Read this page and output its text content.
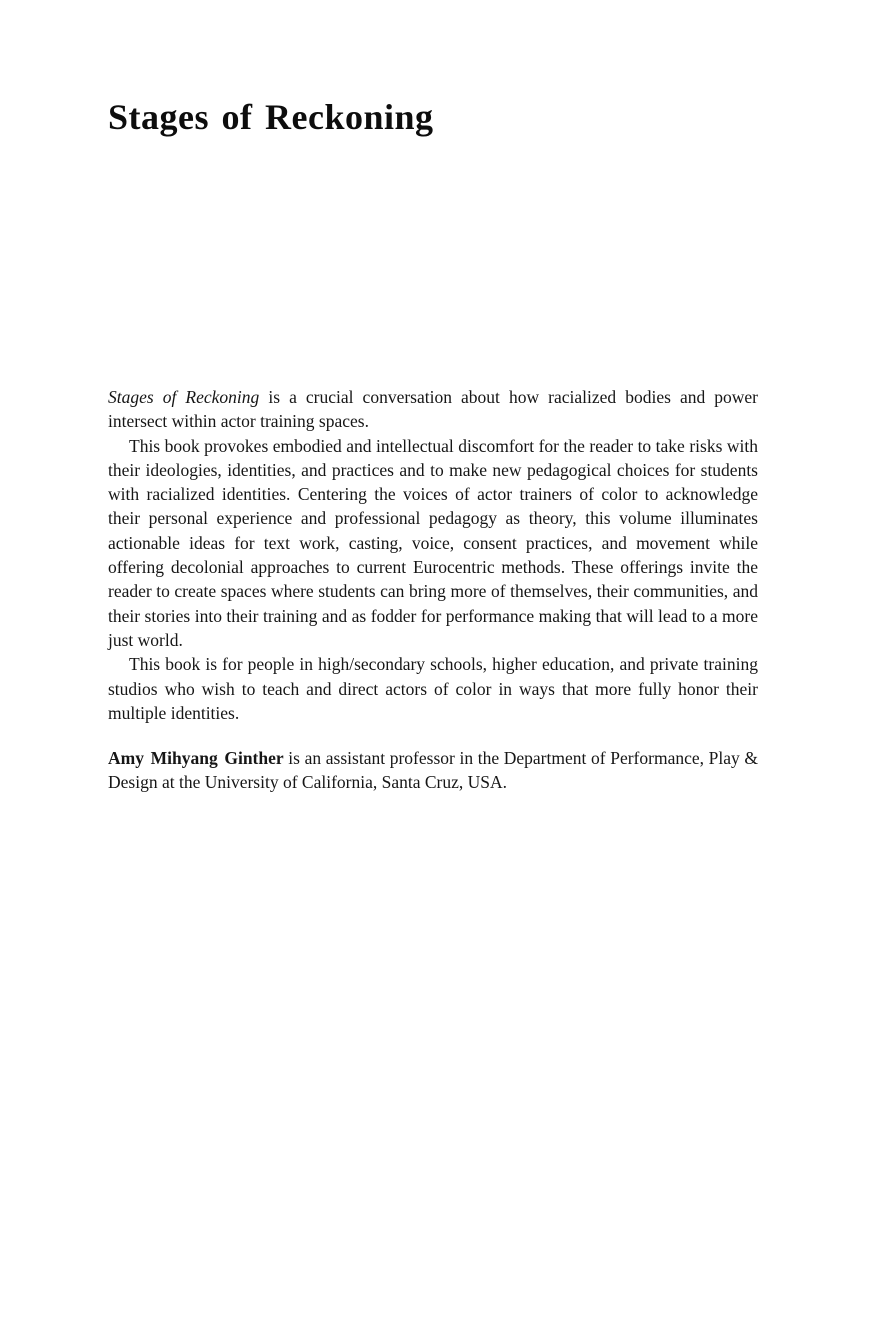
Stages of Reckoning

Stages of Reckoning is a crucial conversation about how racialized bodies and power intersect within actor training spaces.

This book provokes embodied and intellectual discomfort for the reader to take risks with their ideologies, identities, and practices and to make new pedagogical choices for students with racialized identities. Centering the voices of actor trainers of color to acknowledge their personal experience and professional pedagogy as theory, this volume illuminates actionable ideas for text work, casting, voice, consent practices, and movement while offering decolonial approaches to current Eurocentric methods. These offerings invite the reader to create spaces where students can bring more of themselves, their communities, and their stories into their training and as fodder for performance making that will lead to a more just world.

This book is for people in high/secondary schools, higher education, and private training studios who wish to teach and direct actors of color in ways that more fully honor their multiple identities.

Amy Mihyang Ginther is an assistant professor in the Department of Performance, Play & Design at the University of California, Santa Cruz, USA.
